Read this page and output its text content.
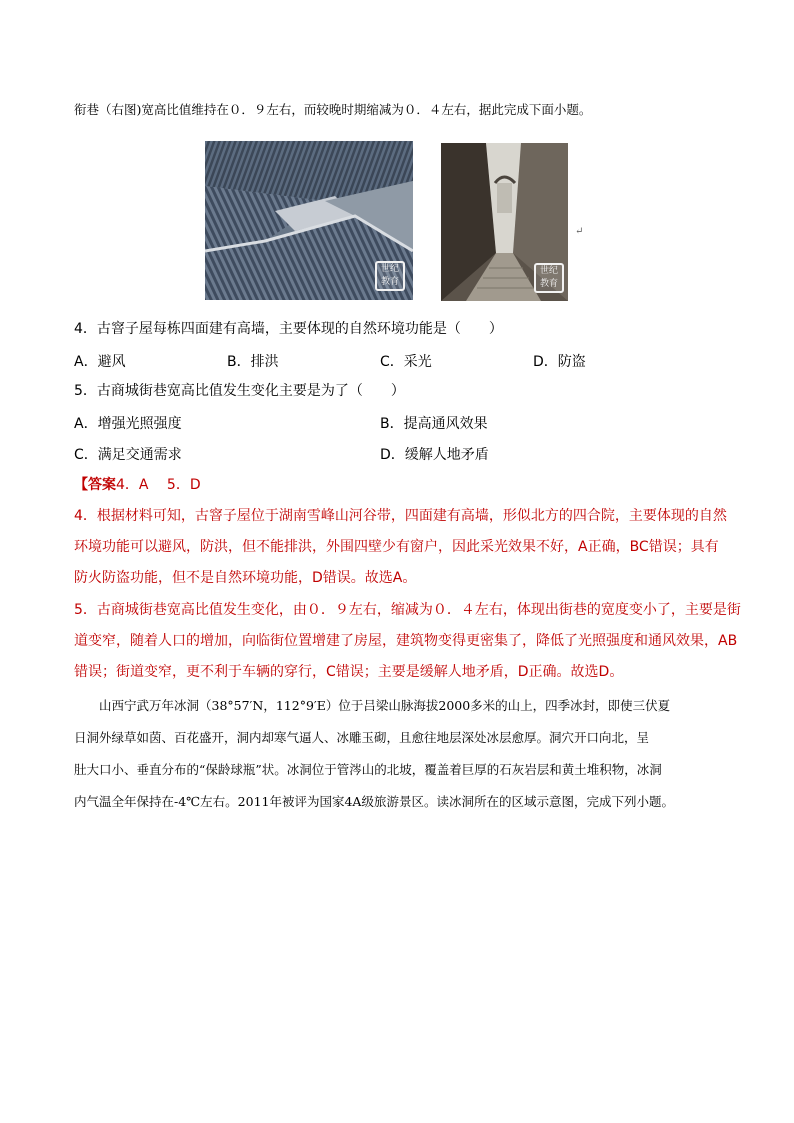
衔巷（右图)宽高比值维持在０．９左右，而较晚时期缩减为０．４左右，据此完成下面小题。
世纪
教育
世纪
教育
↵
4．古窨子屋每栋四面建有高墙，主要体现的自然环境功能是（　　）
A．避风	B．排洪	C．采光	D．防盗
5．古商城街巷宽高比值发生变化主要是为了（　　）
A．增强光照强度	B．提高通风效果
C．满足交通需求	D．缓解人地矛盾
【答案4．A　 5．D
4．根据材料可知，古窨子屋位于湖南雪峰山河谷带，四面建有高墙，形似北方的四合院，主要体现的自然
环境功能可以避风，防洪，但不能排洪，外围四壁少有窗户，因此采光效果不好，A正确，BC错误；具有
防火防盗功能，但不是自然环境功能，D错误。故选A。
5．古商城街巷宽高比值发生变化，由０．９左右，缩减为０．４左右，体现出街巷的宽度变小了，主要是街
道变窄，随着人口的增加，向临街位置增建了房屋，建筑物变得更密集了，降低了光照强度和通风效果，AB
错误；街道变窄，更不利于车辆的穿行，C错误；主要是缓解人地矛盾，D正确。故选D。
　　山西宁武万年冰洞（38°57′N，112°9′E）位于吕梁山脉海拔2000多米的山上，四季冰封，即使三伏夏
日洞外绿草如茵、百花盛开，洞内却寒气逼人、冰雕玉砌，且愈往地层深处冰层愈厚。洞穴开口向北，呈
肚大口小、垂直分布的“保龄球瓶”状。冰洞位于管涔山的北坡，覆盖着巨厚的石灰岩层和黄土堆积物，冰洞
内气温全年保持在-4℃左右。2011年被评为国家4A级旅游景区。读冰洞所在的区域示意图，完成下列小题。
